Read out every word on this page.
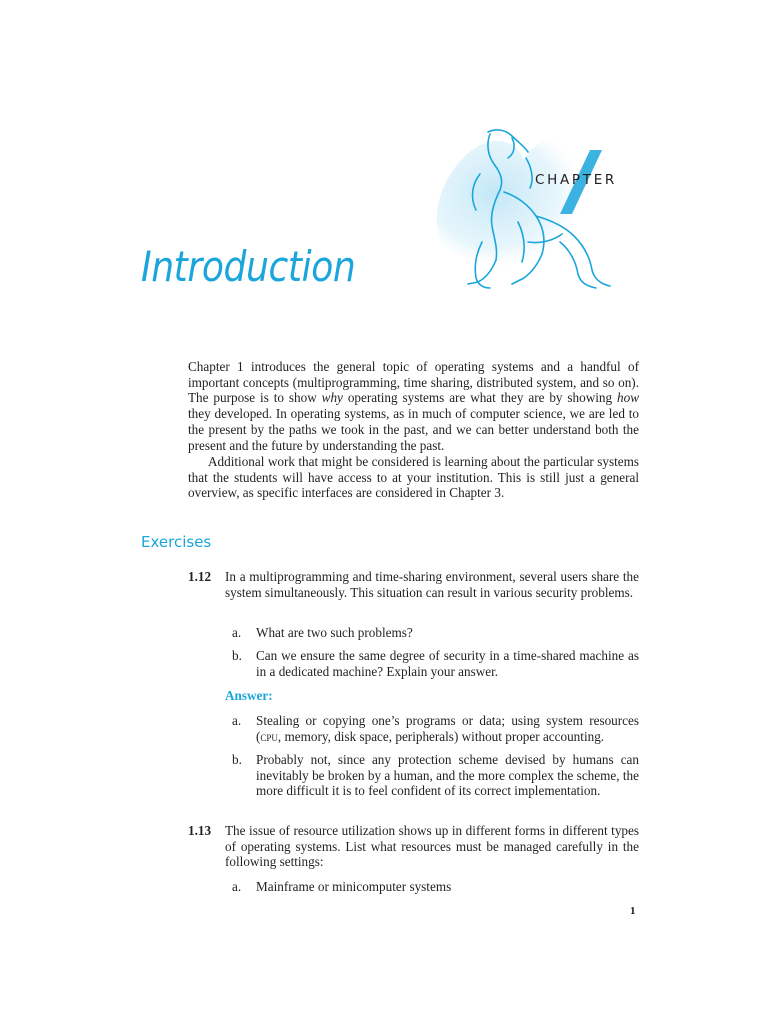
CHAPTER
Introduction
Chapter 1 introduces the general topic of operating systems and a handful of important concepts (multiprogramming, time sharing, distributed system, and so on). The purpose is to show why operating systems are what they are by showing how they developed. In operating systems, as in much of computer science, we are led to the present by the paths we took in the past, and we can better understand both the present and the future by understanding the past.
Additional work that might be considered is learning about the particular systems that the students will have access to at your institution. This is still just a general overview, as specific interfaces are considered in Chapter 3.
Exercises
1.12 In a multiprogramming and time-sharing environment, several users share the system simultaneously. This situation can result in various security problems.
a. What are two such problems?
b. Can we ensure the same degree of security in a time-shared machine as in a dedicated machine? Explain your answer.
Answer:
a. Stealing or copying one’s programs or data; using system resources (cpu, memory, disk space, peripherals) without proper accounting.
b. Probably not, since any protection scheme devised by humans can inevitably be broken by a human, and the more complex the scheme, the more difficult it is to feel confident of its correct implementation.
1.13 The issue of resource utilization shows up in different forms in different types of operating systems. List what resources must be managed carefully in the following settings:
a. Mainframe or minicomputer systems
1
